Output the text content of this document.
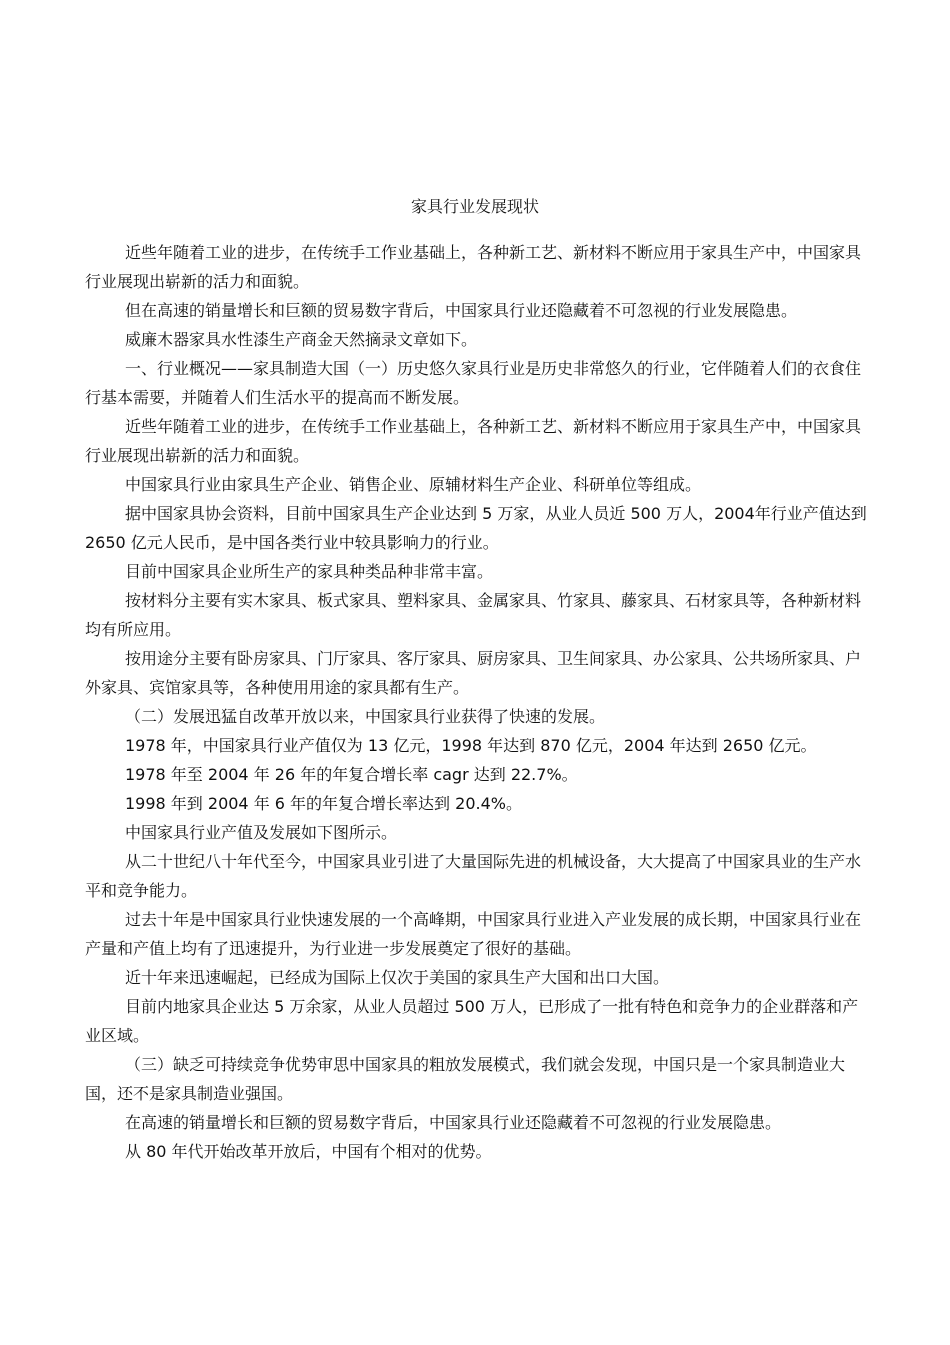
家具行业发展现状

近些年随着工业的进步，在传统手工作业基础上，各种新工艺、新材料不断应用于家具生产中，中国家具行业展现出崭新的活力和面貌。

但在高速的销量增长和巨额的贸易数字背后，中国家具行业还隐藏着不可忽视的行业发展隐患。

威廉木器家具水性漆生产商金天然摘录文章如下。

一、行业概况——家具制造大国（一）历史悠久家具行业是历史非常悠久的行业，它伴随着人们的衣食住行基本需要，并随着人们生活水平的提高而不断发展。

近些年随着工业的进步，在传统手工作业基础上，各种新工艺、新材料不断应用于家具生产中，中国家具行业展现出崭新的活力和面貌。

中国家具行业由家具生产企业、销售企业、原辅材料生产企业、科研单位等组成。

据中国家具协会资料，目前中国家具生产企业达到 5 万家，从业人员近 500 万人，2004年行业产值达到 2650 亿元人民币，是中国各类行业中较具影响力的行业。

目前中国家具企业所生产的家具种类品种非常丰富。

按材料分主要有实木家具、板式家具、塑料家具、金属家具、竹家具、藤家具、石材家具等，各种新材料均有所应用。

按用途分主要有卧房家具、门厅家具、客厅家具、厨房家具、卫生间家具、办公家具、公共场所家具、户外家具、宾馆家具等，各种使用用途的家具都有生产。

（二）发展迅猛自改革开放以来，中国家具行业获得了快速的发展。

1978 年，中国家具行业产值仅为 13 亿元，1998 年达到 870 亿元，2004 年达到 2650 亿元。

1978 年至 2004 年 26 年的年复合增长率 cagr 达到 22.7%。

1998 年到 2004 年 6 年的年复合增长率达到 20.4%。

中国家具行业产值及发展如下图所示。

从二十世纪八十年代至今，中国家具业引进了大量国际先进的机械设备，大大提高了中国家具业的生产水平和竞争能力。

过去十年是中国家具行业快速发展的一个高峰期，中国家具行业进入产业发展的成长期，中国家具行业在产量和产值上均有了迅速提升，为行业进一步发展奠定了很好的基础。

近十年来迅速崛起，已经成为国际上仅次于美国的家具生产大国和出口大国。

目前内地家具企业达 5 万余家，从业人员超过 500 万人，已形成了一批有特色和竞争力的企业群落和产业区域。

（三）缺乏可持续竞争优势审思中国家具的粗放发展模式，我们就会发现，中国只是一个家具制造业大国，还不是家具制造业强国。

在高速的销量增长和巨额的贸易数字背后，中国家具行业还隐藏着不可忽视的行业发展隐患。

从 80 年代开始改革开放后，中国有个相对的优势。
